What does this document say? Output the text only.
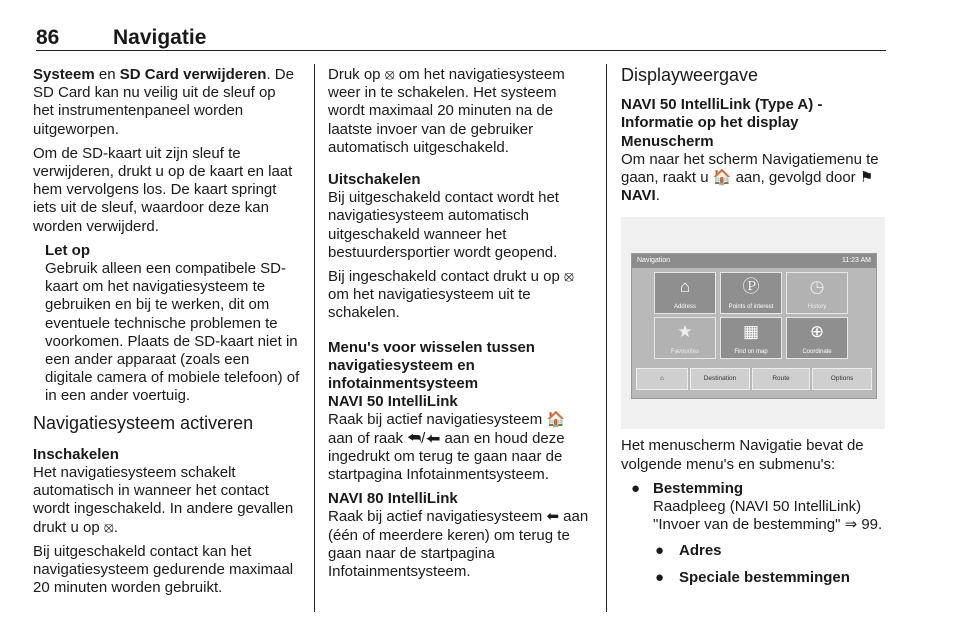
86	Navigatie

Systeem en SD Card verwijderen. De SD Card kan nu veilig uit de sleuf op het instrumentenpaneel worden uitgeworpen.

Om de SD-kaart uit zijn sleuf te verwijderen, drukt u op de kaart en laat hem vervolgens los. De kaart springt iets uit de sleuf, waardoor deze kan worden verwijderd.

Let op
Gebruik alleen een compatibele SD-kaart om het navigatiesysteem te gebruiken en bij te werken, dit om eventuele technische problemen te voorkomen. Plaats de SD-kaart niet in een ander apparaat (zoals een digitale camera of mobiele telefoon) of in een ander voertuig.
Navigatiesysteem activeren
Inschakelen

Het navigatiesysteem schakelt automatisch in wanneer het contact wordt ingeschakeld. In andere gevallen drukt u op ⦻.

Bij uitgeschakeld contact kan het navigatiesysteem gedurende maximaal 20 minuten worden gebruikt.

Druk op ⦻ om het navigatiesysteem weer in te schakelen. Het systeem wordt maximaal 20 minuten na de laatste invoer van de gebruiker automatisch uitgeschakeld.

Uitschakelen

Bij uitgeschakeld contact wordt het navigatiesysteem automatisch uitgeschakeld wanneer het bestuurdersportier wordt geopend.

Bij ingeschakeld contact drukt u op ⦻ om het navigatiesysteem uit te schakelen.

Menu's voor wisselen tussen navigatiesysteem en infotainmentsysteem
NAVI 50 IntelliLink

Raak bij actief navigatiesysteem 🏠 aan of raak ⮪/⬅ aan en houd deze ingedrukt om terug te gaan naar de startpagina Infotainmentsysteem.

NAVI 80 IntelliLink

Raak bij actief navigatiesysteem ⬅ aan (één of meerdere keren) om terug te gaan naar de startpagina Infotainmentsysteem.

Displayweergave
NAVI 50 IntelliLink (Type A) - Informatie op het display
Menuscherm

Om naar het scherm Navigatiemenu te gaan, raakt u 🏠 aan, gevolgd door ⚑ NAVI.

Navigation	11:23 AM
⌂
Address
Ⓟ
Points of interest
◷
History
★
Favourites
▦
Find on map
⊕
Coordinate
⌂	Destination	Route	Options

Het menuscherm Navigatie bevat de volgende menu's en submenu's:

● Bestemming
Raadpleeg (NAVI 50 IntelliLink) "Invoer van de bestemming" ⇒ 99.
● Adres
● Speciale bestemmingen
